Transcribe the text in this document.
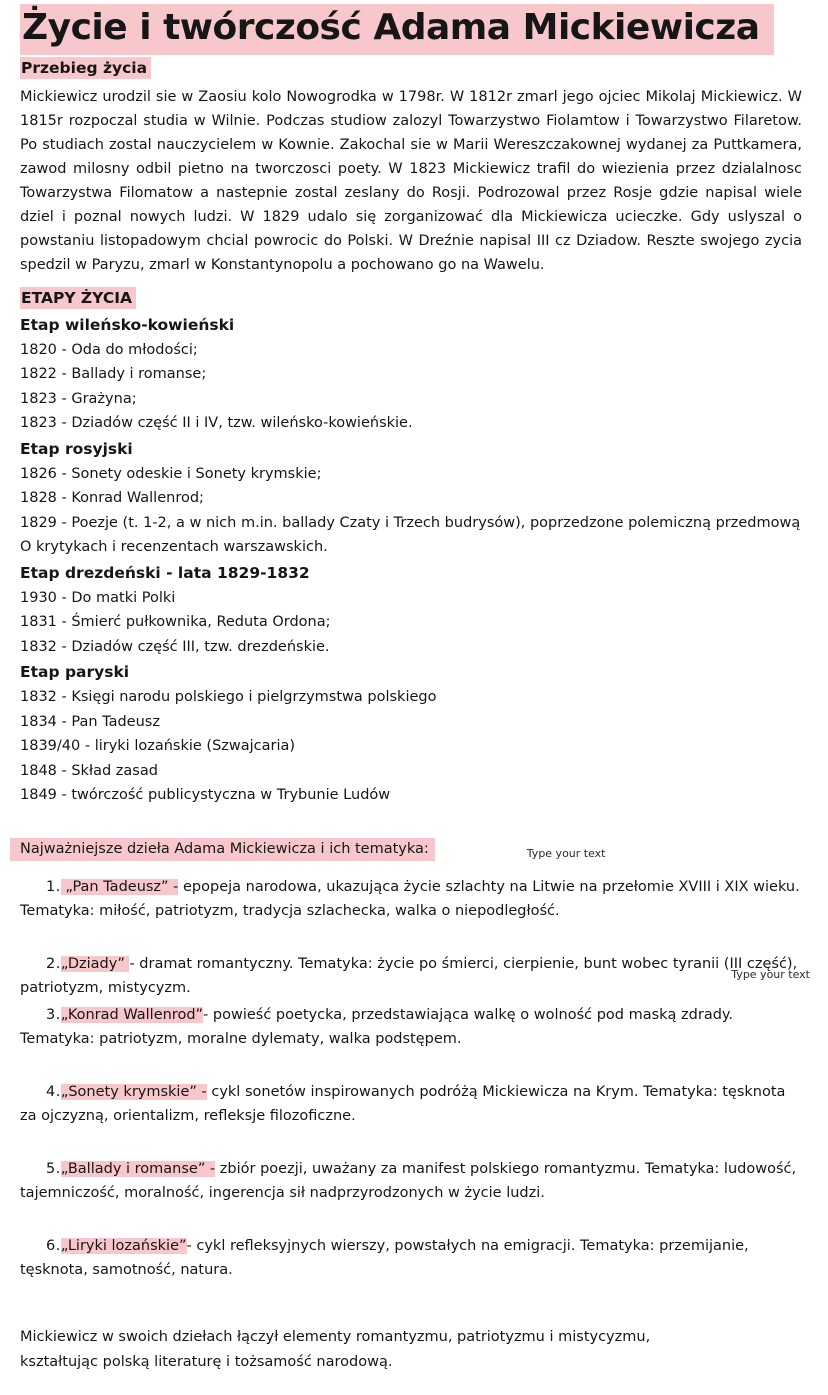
Życie i twórczość Adama Mickiewicza
Przebieg życia

Mickiewicz urodzil sie w Zaosiu kolo Nowogrodka w 1798r. W 1812r zmarl jego ojciec Mikolaj Mickiewicz. W 1815r rozpoczal studia w Wilnie. Podczas studiow zalozyl Towarzystwo Fiolamtow i Towarzystwo Filaretow. Po studiach zostal nauczycielem w Kownie. Zakochal sie w Marii Wereszczakownej wydanej za Puttkamera, zawod milosny odbil pietno na tworczosci poety. W 1823 Mickiewicz trafil do wiezienia przez dzialalnosc Towarzystwa Filomatow a nastepnie zostal zeslany do Rosji. Podrozowal przez Rosje gdzie napisal wiele dziel i poznal nowych ludzi. W 1829 udalo się zorganizować dla Mickiewicza ucieczke. Gdy uslyszal o powstaniu listopadowym chcial powrocic do Polski. W Dreźnie napisal III cz Dziadow. Reszte swojego zycia spedzil w Paryzu, zmarl w Konstantynopolu a pochowano go na Wawelu.

ETAPY ŻYCIA
Etap wileńsko-kowieński
1820 - Oda do młodości;
1822 - Ballady i romanse;
1823 - Grażyna;
1823 - Dziadów część II i IV, tzw. wileńsko-kowieńskie.
Etap rosyjski
1826 - Sonety odeskie i Sonety krymskie;
1828 - Konrad Wallenrod;
1829 - Poezje (t. 1-2, a w nich m.in. ballady Czaty i Trzech budrysów), poprzedzone polemiczną przedmową O krytykach i recenzentach warszawskich.
Etap drezdeński - lata 1829-1832
1930 - Do matki Polki
1831 - Śmierć pułkownika, Reduta Ordona;
1832 - Dziadów część III, tzw. drezdeńskie.
Etap paryski
1832 - Księgi narodu polskiego i pielgrzymstwa polskiego
1834 - Pan Tadeusz
1839/40 - liryki lozańskie (Szwajcaria)
1848 - Skład zasad
1849 - twórczość publicystyczna w Trybunie Ludów
Najważniejsze dzieła Adama Mickiewicza i ich tematyka:	Type your text

1. „Pan Tadeusz” - epopeja narodowa, ukazująca życie szlachty na Litwie na przełomie XVIII i XIX wieku. Tematyka: miłość, patriotyzm, tradycja szlachecka, walka o niepodległość.

2.„Dziady” - dramat romantyczny. Tematyka: życie po śmierci, cierpienie, bunt wobec tyranii (III część), patriotyzm, mistycyzm.
Type your text

3.„Konrad Wallenrod”- powieść poetycka, przedstawiająca walkę o wolność pod maską zdrady. Tematyka: patriotyzm, moralne dylematy, walka podstępem.

4.„Sonety krymskie” - cykl sonetów inspirowanych podróżą Mickiewicza na Krym. Tematyka: tęsknota za ojczyzną, orientalizm, refleksje filozoficzne.

5.„Ballady i romanse” - zbiór poezji, uważany za manifest polskiego romantyzmu. Tematyka: ludowość, tajemniczość, moralność, ingerencja sił nadprzyrodzonych w życie ludzi.

6.„Liryki lozańskie”- cykl refleksyjnych wierszy, powstałych na emigracji. Tematyka: przemijanie, tęsknota, samotność, natura.

Mickiewicz w swoich dziełach łączył elementy romantyzmu, patriotyzmu i mistycyzmu,
kształtując polską literaturę i tożsamość narodową.
